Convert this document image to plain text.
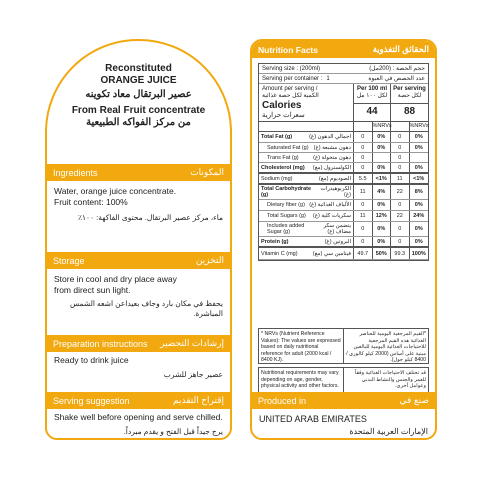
Reconstituted
ORANGE JUICE
عصير البرتقال معاد تكوينه
From Real Fruit concentrate
من مركز الفواكه الطبيعية
Ingredients	المكونات
Water, orange juice concentrate.
Fruit content: 100%
ماء، مركز عصير البرتقال. محتوى الفاكهة: ١٠٠٪
Storage	التخزين
Store in cool and dry place away
from direct sun light.
يحفظ في مكان بارد وجاف بعيداعن اشعه الشمس المباشرة.
Preparation instructions إرشادات التحضير
Ready to drink juice
عصير جاهز للشرب
Serving suggestion	إقتراح التقديم
Shake well before opening and serve chilled.
يرج جيداً قبل الفتح و يقدم مبرداً.
Nutrition Facts	الحقائق التغذوية
Serving size : (200ml)	حجم الحصة : (200مل)
Serving per container : 1	عدد الحصص في العبوة
Amount per serving /
الكمية لكل حصة غذائية
Calories
سعرات حرارية
Per 100 ml
لكل ١٠٠ مل
44
Per serving
لكل حصة
88
%NRVs	%NRVs
Total Fat (g)	اجمالي الدهون (غ)	0	0%	0	0%
Saturated Fat (g) دهون مشبعة (غ)	0	0%	0	0%
Trans Fat (g)	دهون متحولة (غ)	0	0
Cholesterol (mg) الكولسترول (مغ)	0	0%	0	0%
Sodium (mg)	الصوديوم (مغ)	5.5	<1%	11	<1%
Total Carbohydrate (g)
الكربوهيدرات (غ)	11	4%	22	8%
Dietary fiber (g) الألياف الغذائية (غ)	0	0%	0	0%
Total Sugars (g) سكريات كلية (غ)	11	12%	22	24%
Includes added Sugar (g)
يتضمن سكر مضاف (غ)	0	0%	0	0%
Protein (g)	البروتين (غ)	0	0%	0	0%
Vitamin C (mg)	فيتامين سي (مغ)	49.7	50%	99.3	100%
* NRVs (Nutrient Reference Values): The values are expressed based on daily nutritional reference for adult (2000 kcal / 8400 KJ).
*القيم المرجعية اليومية للعناصر الغذائية هذه القيم المرجعية للاحتياجات الغذائية اليومية للبالغين مبنية على أساس (2000 كيلو كالوري / 8400 كيلو جول).
Nutritional requirements may vary depending on age, gender, physical activity and other factors.
قد تختلف الاحتياجات الغذائية وفقاً للعمر والجنس والنشاط البدني وعوامل أخرى.
Produced in	صنع في
UNITED ARAB EMIRATES
الإمارات العربية المتحدة
